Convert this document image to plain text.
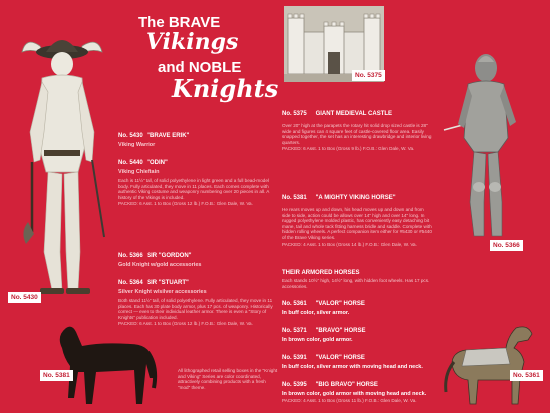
No. 5430
The BRAVE
Vikings
and NOBLE
Knights
No. 5430 "BRAVE ERIK"
Viking Warrior
No. 5440 "ODIN"
Viking Chieftain
Each is 11½" tall, of solid polyethylene in light green and a full bead-model body. Fully articulated, they move in 11 places. Each comes complete with authentic Viking costume and weaponry numbering over 20 pieces in all. A history of the Vikings is included.
PACKED: 6 Asst. 1 to Box (Gross 12 lb.) F.O.B.: Glen Dale, W. Va.
No. 5366 SIR "GORDON"
Gold Knight w/gold accessories
No. 5364 SIR "STUART"
Silver Knight w/silver accessories
Both stand 11½" tall, of solid polyethylene. Fully articulated, they move in 11 places. Each has 30 plate body armor, plus 17 pcs. of weaponry. Historically correct — even to their individual leather armor. There is even a "Story of Knights" publication included.
PACKED: 6 Asst. 1 to Box (Gross 12 lb.) F.O.B.: Glen Dale, W. Va.
No. 5381
All lithographed retail selling boxes in the "Knight and Viking" Series are color coordinated, attractively combining products with a fresh "mod" theme.
No. 5375
No. 5375 GIANT MEDIEVAL CASTLE
Over 20" high at the parapets the rotary hit solid drop sized castle is 28" wide and figures can 4 square feet of castle-covered floor area. Easily snapped together, the set has an interesting drawbridge and interior living quarters.
PACKED: 6 Asst. 1 to Box (Gross 9 lb.) F.O.B.: Glen Dale, W. Va.
No. 5381 "A MIGHTY VIKING HORSE"
He rears moves up and down, his head moves up and down and from side to side, action could be allows over 14" high and over 14" long. In rugged polyethylene molded plastic, has conveniently easy detaching bit mane, tail and whole tack fitting harness bridle and saddle. Complete with hidden rolling wheels. A perfect companion item either for #5430 or #5440 of the Brave Viking series.
PACKED: 4 Asst. 1 to Box (Gross 14 lb.) F.O.B.: Glen Dale, W. Va.
THEIR ARMORED HORSES
Each stands 10½" high, 14½" long, with hidden foot wheels. Has 17 pcs. accessories.
No. 5361 "VALOR" HORSE
In buff color, silver armor.
No. 5371 "BRAVO" HORSE
In brown color, gold armor.
No. 5391 "VALOR" HORSE
In buff color, silver armor with moving head and neck.
No. 5395 "BIG BRAVO" HORSE
In brown color, gold armor with moving head and neck.
PACKED: 4 Asst. 1 to Box (Gross 11 lb.) F.O.B.: Glen Dale, W. Va.
No. 5366
No. 5361
